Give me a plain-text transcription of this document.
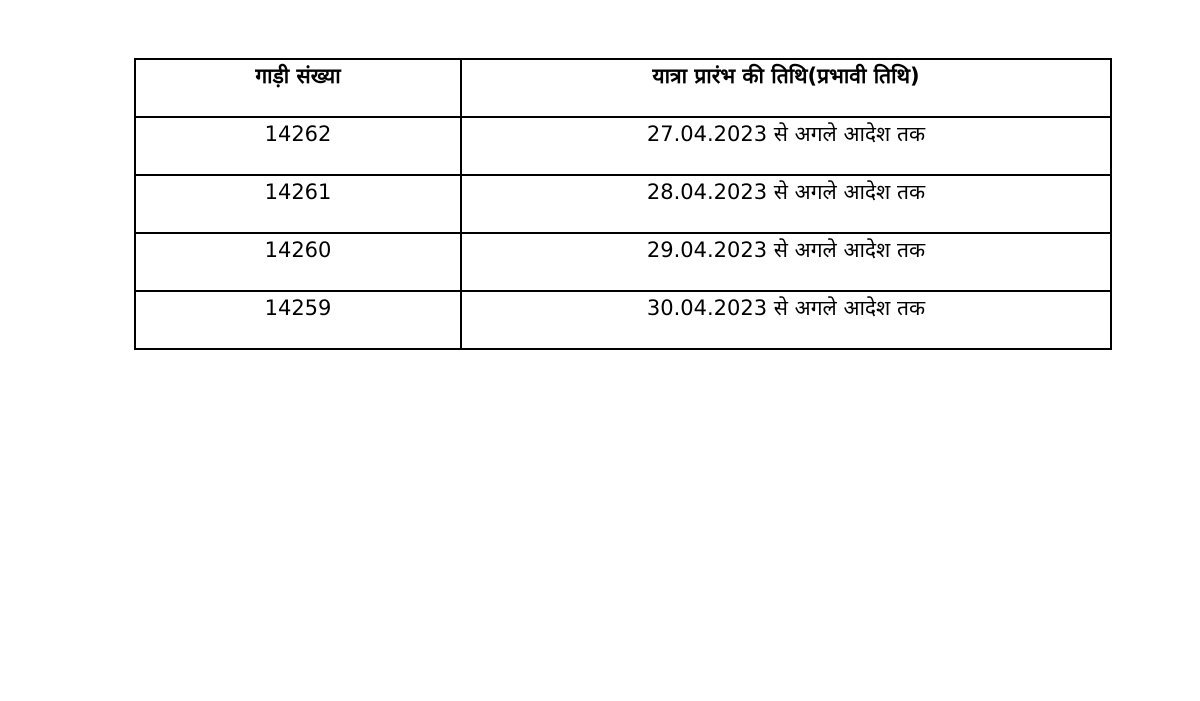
गाड़ी संख्या	यात्रा प्रारंभ की तिथि(प्रभावी तिथि)
14262	27.04.2023 से अगले आदेश तक
14261	28.04.2023 से अगले आदेश तक
14260	29.04.2023 से अगले आदेश तक
14259	30.04.2023 से अगले आदेश तक
